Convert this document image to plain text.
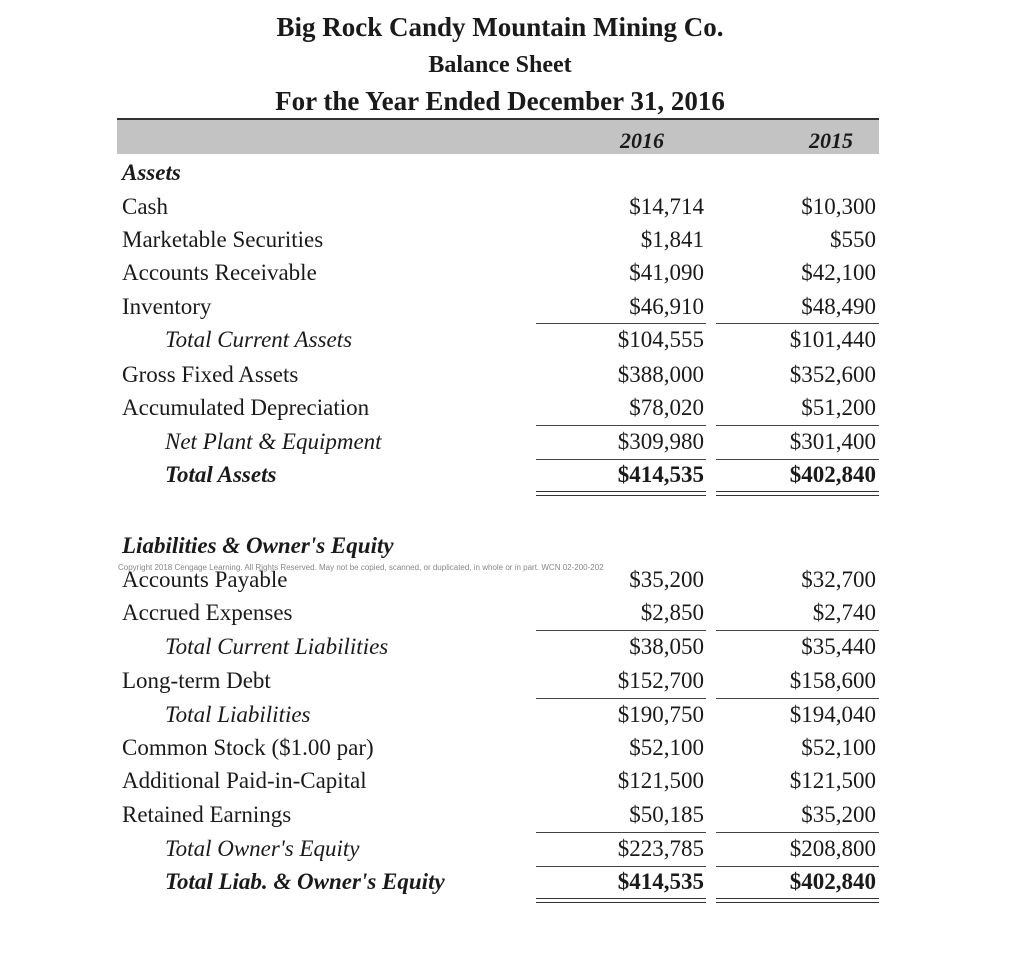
Big Rock Candy Mountain Mining Co.
Balance Sheet
For the Year Ended December 31, 2016
2016	2015
Assets
Cash	$14,714	$10,300
Marketable Securities	$1,841	$550
Accounts Receivable	$41,090	$42,100
Inventory	$46,910	$48,490
Total Current Assets	$104,555	$101,440
Gross Fixed Assets	$388,000	$352,600
Accumulated Depreciation	$78,020	$51,200
Net Plant & Equipment	$309,980	$301,400
Total Assets	$414,535	$402,840
Liabilities & Owner's Equity
Copyright 2018 Cengage Learning. All Rights Reserved. May not be copied, scanned, or duplicated, in whole or in part. WCN 02-200-202
Accounts Payable	$35,200	$32,700
Accrued Expenses	$2,850	$2,740
Total Current Liabilities	$38,050	$35,440
Long-term Debt	$152,700	$158,600
Total Liabilities	$190,750	$194,040
Common Stock ($1.00 par)	$52,100	$52,100
Additional Paid-in-Capital	$121,500	$121,500
Retained Earnings	$50,185	$35,200
Total Owner's Equity	$223,785	$208,800
Total Liab. & Owner's Equity	$414,535	$402,840
